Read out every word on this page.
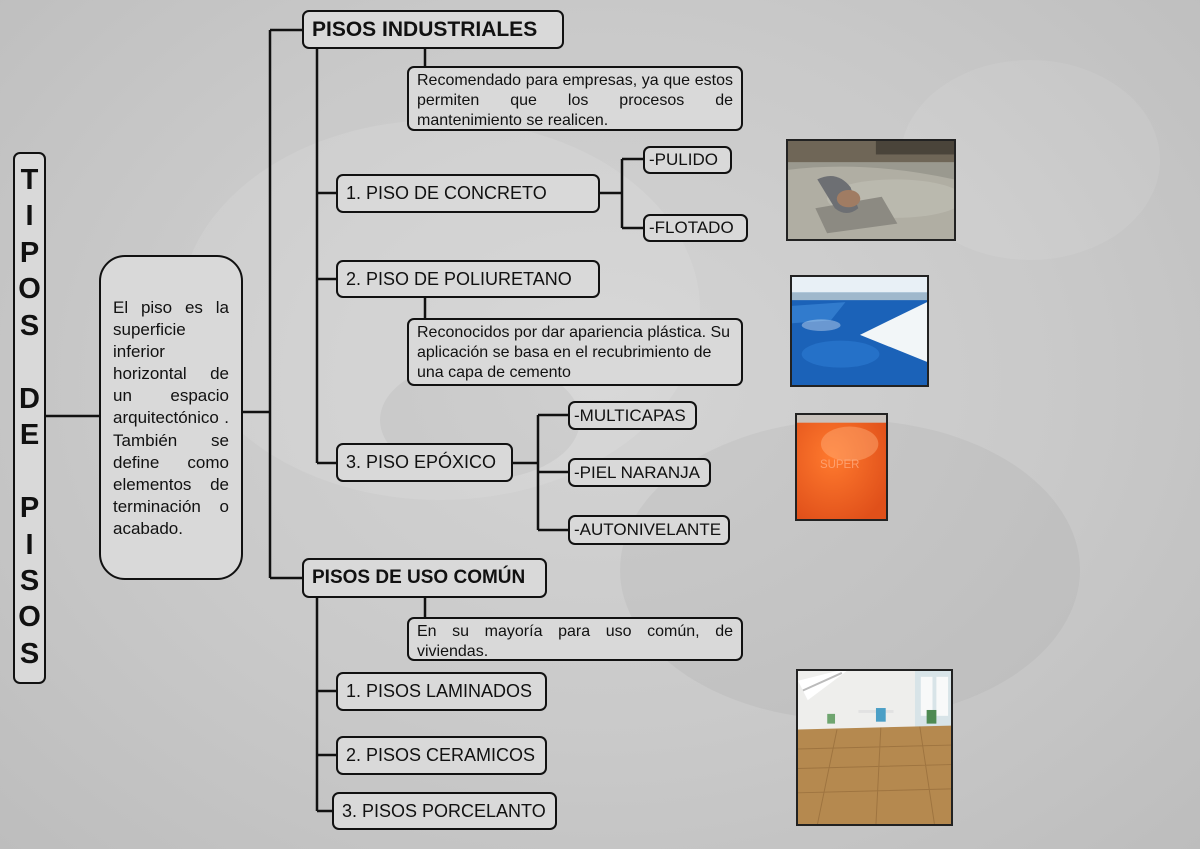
T
I
P
O
S
D
E
P
I
S
O
S
El piso es la superficie inferior horizontal de un espacio arquitectónico . También se define como elementos de terminación o acabado.
PISOS INDUSTRIALES
Recomendado para empresas, ya que estos permiten que los procesos de mantenimiento se realicen.
1. PISO DE CONCRETO
-PULIDO
-FLOTADO
2. PISO DE POLIURETANO
Reconocidos por dar apariencia plástica. Su aplicación se basa en el recubrimiento de una capa de cemento
3. PISO EPÓXICO
-MULTICAPAS
-PIEL NARANJA
-AUTONIVELANTE
PISOS DE USO COMÚN
En su mayoría para uso común, de viviendas.
1. PISOS LAMINADOS
2. PISOS CERAMICOS
3. PISOS PORCELANTO
SUPER
